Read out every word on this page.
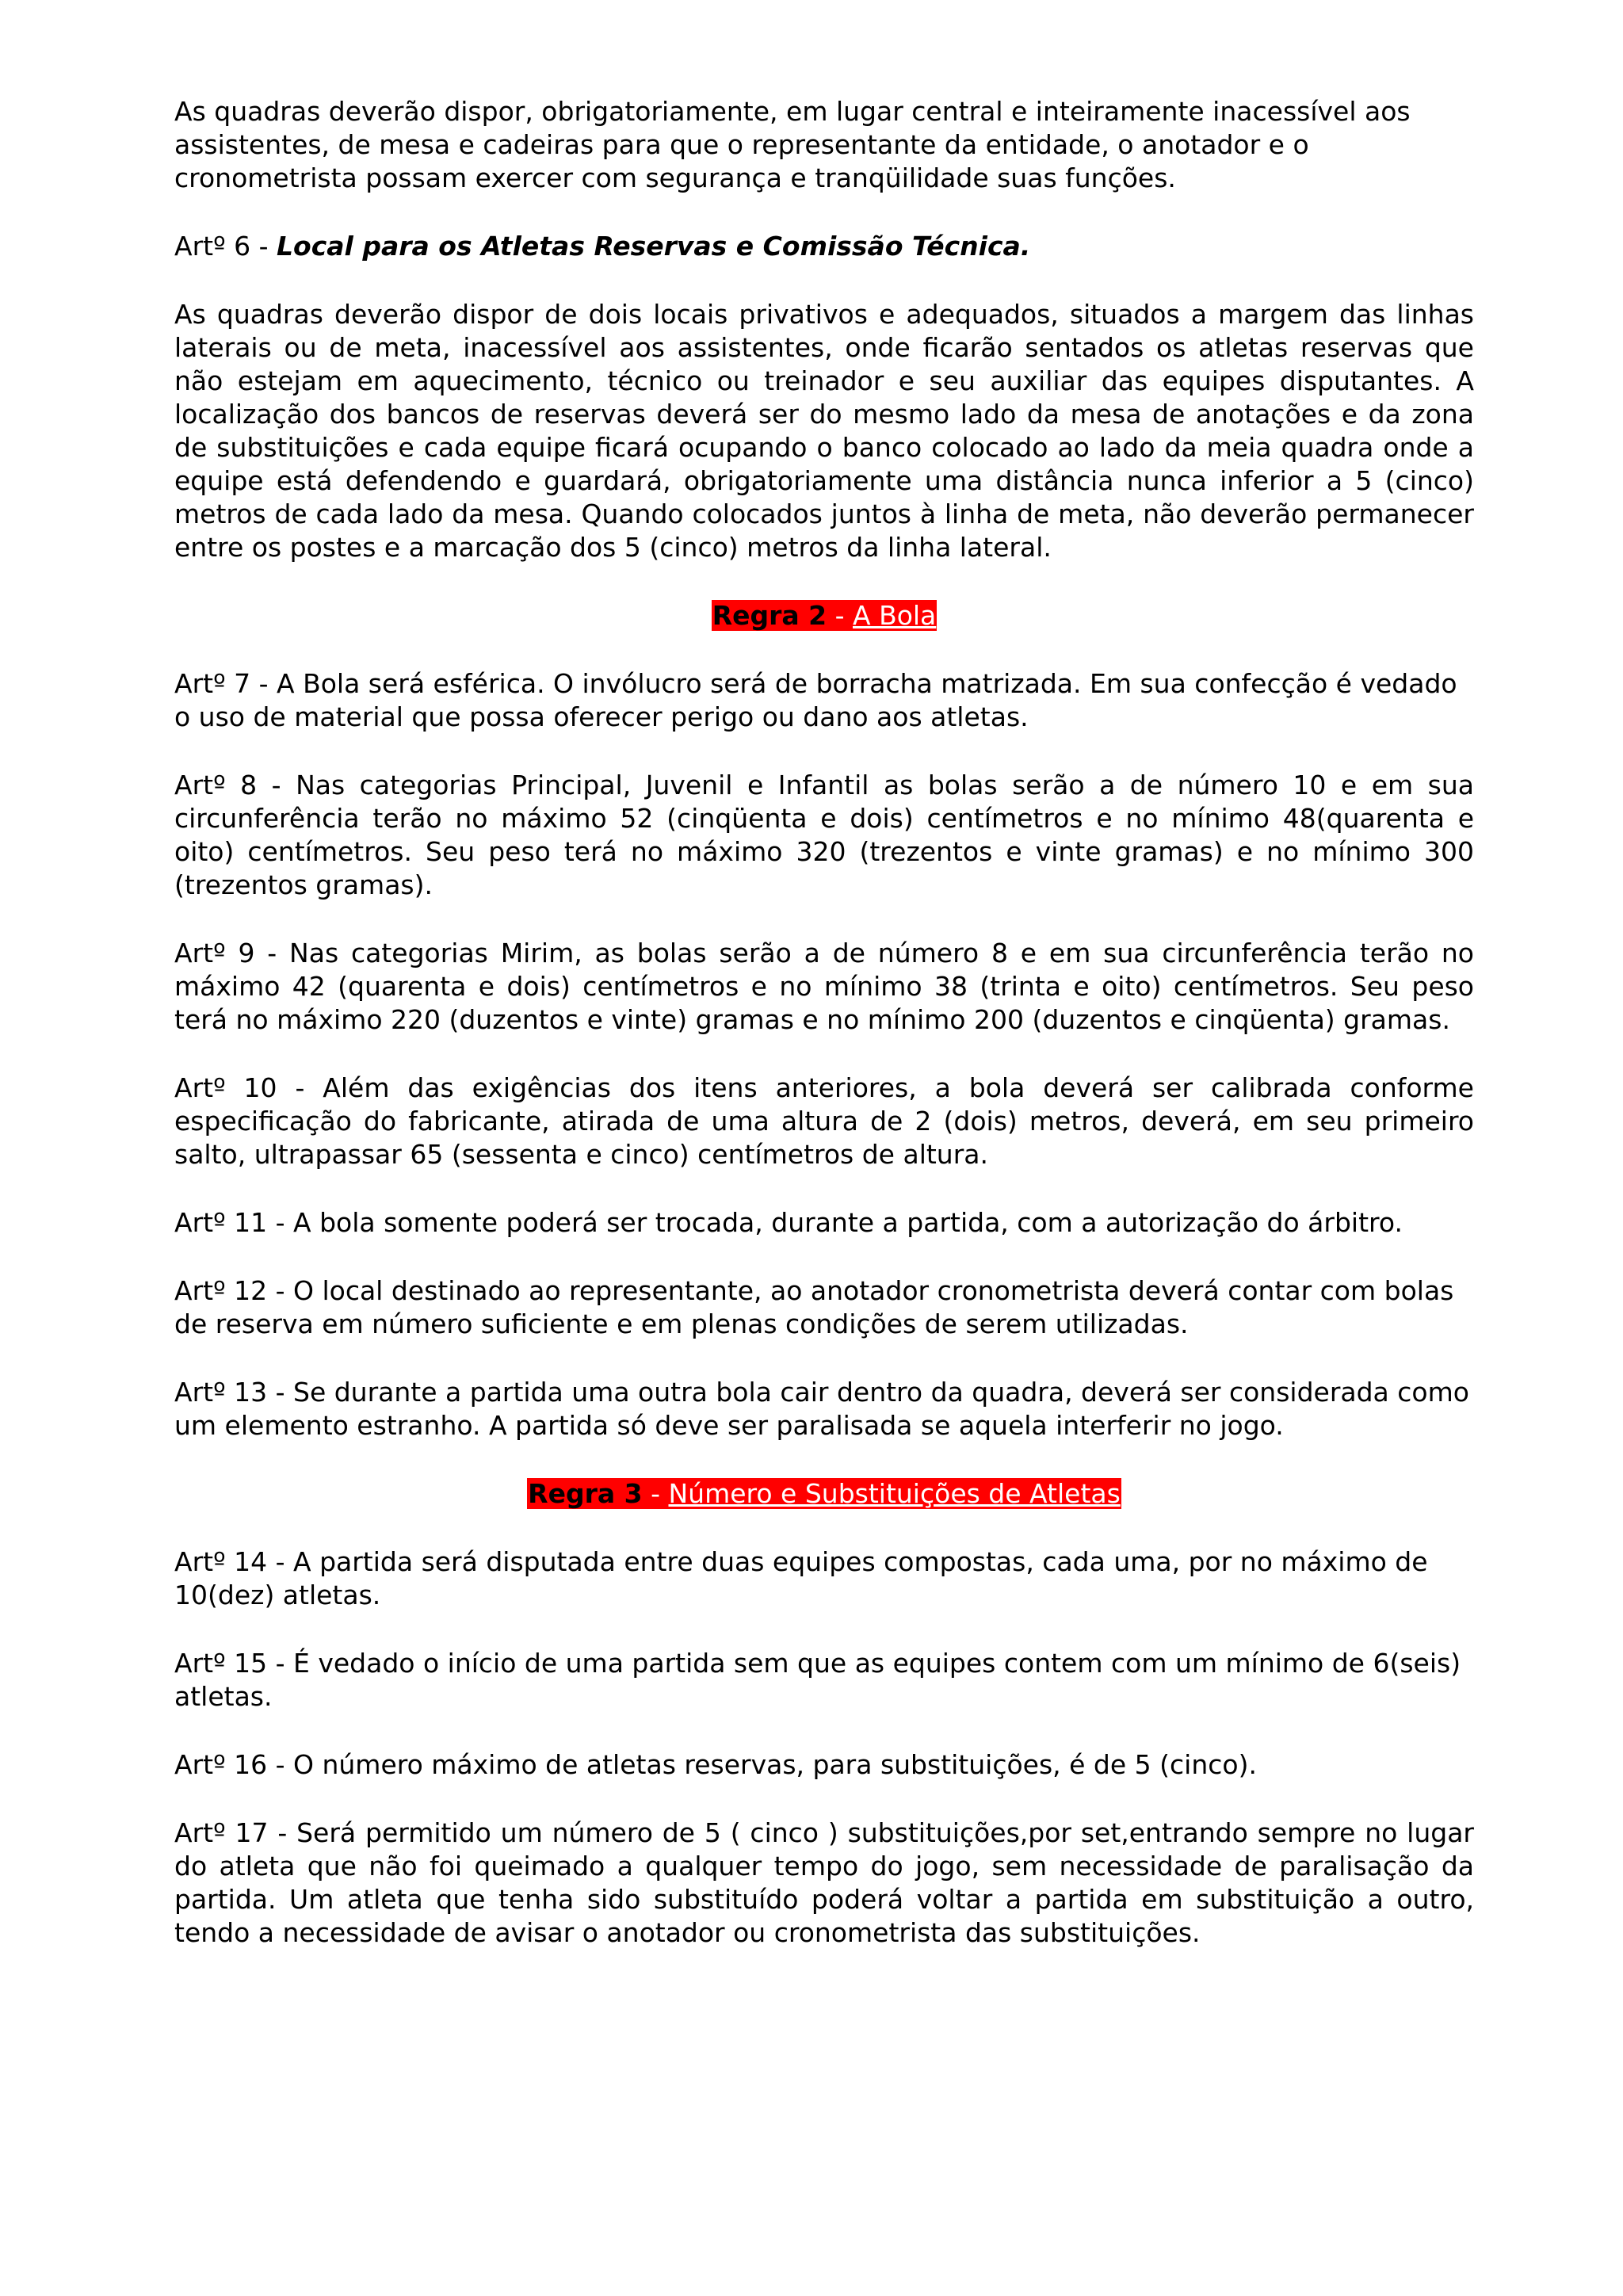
As quadras deverão dispor, obrigatoriamente, em lugar central e inteiramente inacessível aos assistentes, de mesa e cadeiras para que o representante da entidade, o anotador e o cronometrista possam exercer com segurança e tranqüilidade suas funções.

Artº 6 - Local para os Atletas Reservas e Comissão Técnica.

As quadras deverão dispor de dois locais privativos e adequados, situados a margem das linhas laterais ou de meta, inacessível aos assistentes, onde ficarão sentados os atletas reservas que não estejam em aquecimento, técnico ou treinador e seu auxiliar das equipes disputantes. A localização dos bancos de reservas deverá ser do mesmo lado da mesa de anotações e da zona de substituições e cada equipe ficará ocupando o banco colocado ao lado da meia quadra onde a equipe está defendendo e guardará, obrigatoriamente uma distância nunca inferior a 5 (cinco) metros de cada lado da mesa. Quando colocados juntos à linha de meta, não deverão permanecer entre os postes e a marcação dos 5 (cinco) metros da linha lateral.

Regra 2 - A Bola

Artº 7 - A Bola será esférica. O invólucro será de borracha matrizada. Em sua confecção é vedado o uso de material que possa oferecer perigo ou dano aos atletas.

Artº 8 - Nas categorias Principal, Juvenil e Infantil as bolas serão a de número 10 e em sua circunferência terão no máximo 52 (cinqüenta e dois) centímetros e no mínimo 48(quarenta e oito) centímetros. Seu peso terá no máximo 320 (trezentos e vinte gramas) e no mínimo 300 (trezentos gramas).

Artº 9 - Nas categorias Mirim, as bolas serão a de número 8 e em sua circunferência terão no máximo 42 (quarenta e dois) centímetros e no mínimo 38 (trinta e oito) centímetros. Seu peso terá no máximo 220 (duzentos e vinte) gramas e no mínimo 200 (duzentos e cinqüenta) gramas.

Artº 10 - Além das exigências dos itens anteriores, a bola deverá ser calibrada conforme especificação do fabricante, atirada de uma altura de 2 (dois) metros, deverá, em seu primeiro salto, ultrapassar 65 (sessenta e cinco) centímetros de altura.

Artº 11 - A bola somente poderá ser trocada, durante a partida, com a autorização do árbitro.

Artº 12 - O local destinado ao representante, ao anotador cronometrista deverá contar com bolas de reserva em número suficiente e em plenas condições de serem utilizadas.

Artº 13 - Se durante a partida uma outra bola cair dentro da quadra, deverá ser considerada como um elemento estranho. A partida só deve ser paralisada se aquela interferir no jogo.

Regra 3 - Número e Substituições de Atletas

Artº 14 - A partida será disputada entre duas equipes compostas, cada uma, por no máximo de 10(dez) atletas.

Artº 15 - É vedado o início de uma partida sem que as equipes contem com um mínimo de 6(seis) atletas.

Artº 16 - O número máximo de atletas reservas, para substituições, é de 5 (cinco).

Artº 17 - Será permitido um número de 5 ( cinco ) substituições,por set,entrando sempre no lugar do atleta que não foi queimado a qualquer tempo do jogo, sem necessidade de paralisação da partida. Um atleta que tenha sido substituído poderá voltar a partida em substituição a outro, tendo a necessidade de avisar o anotador ou cronometrista das substituições.
